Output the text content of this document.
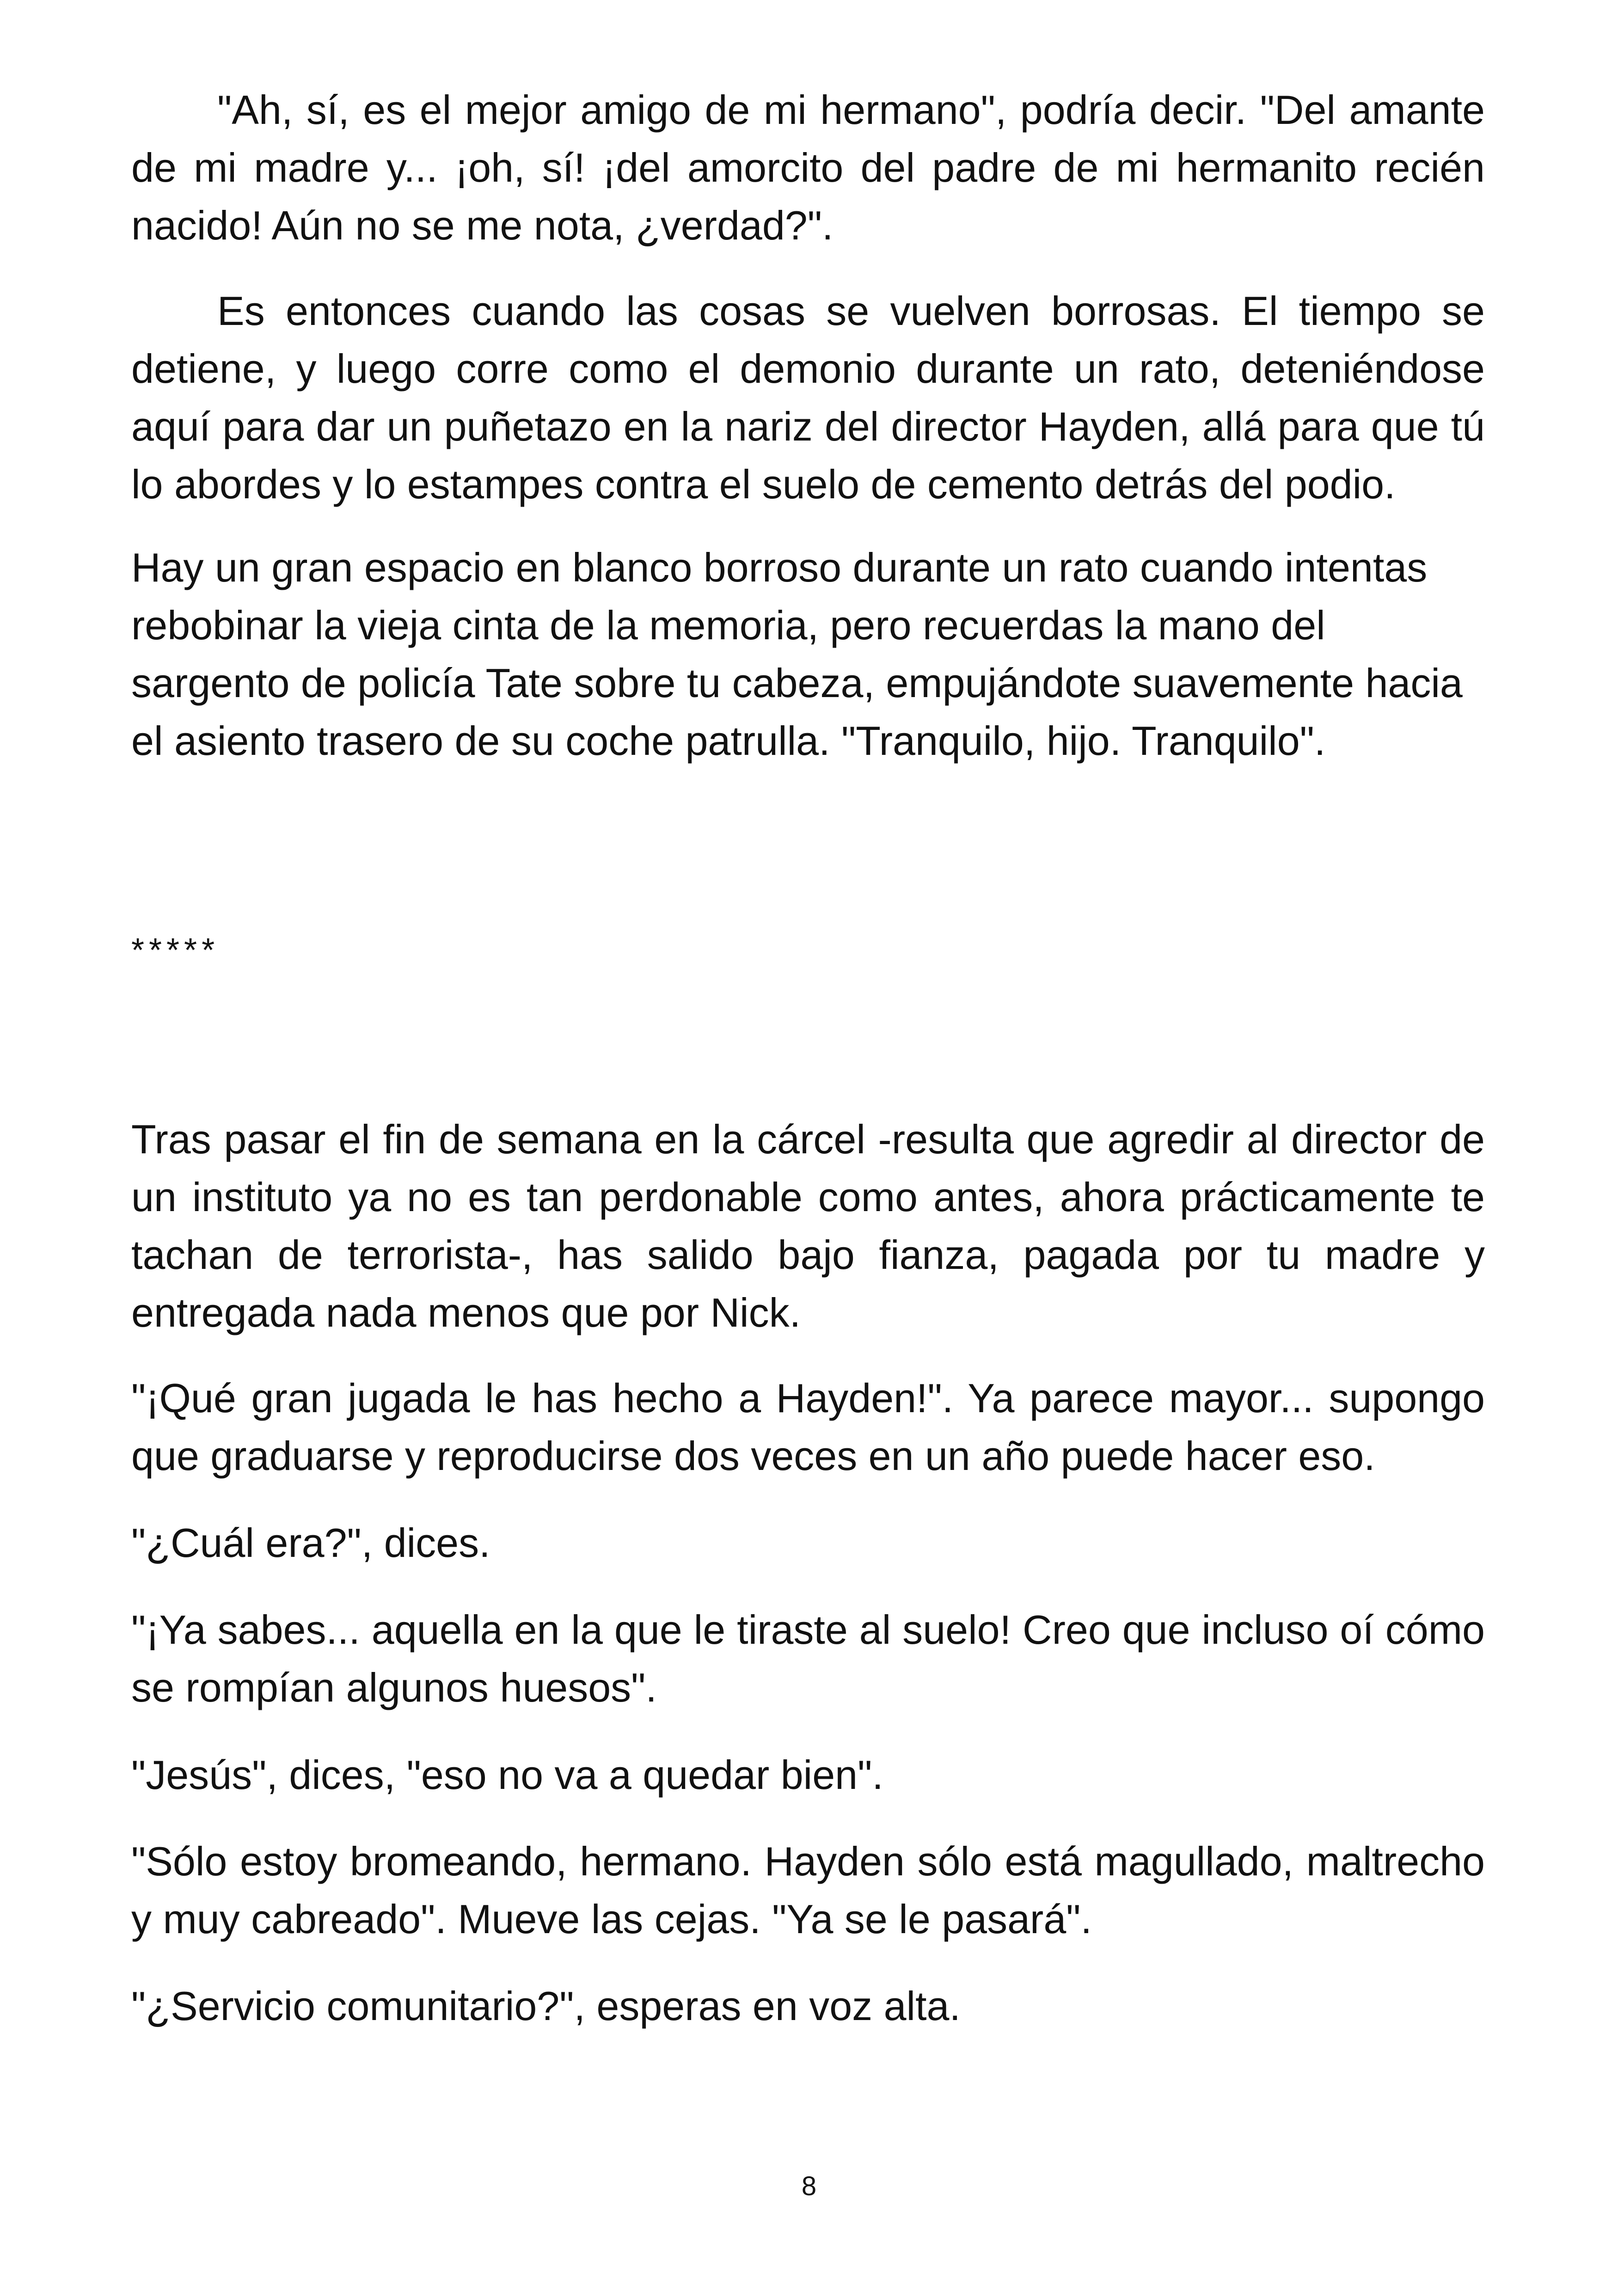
"Ah, sí, es el mejor amigo de mi hermano", podría decir. "Del amante de mi madre y... ¡oh, sí! ¡del amorcito del padre de mi hermanito recién nacido! Aún no se me nota, ¿verdad?".

Es entonces cuando las cosas se vuelven borrosas. El tiempo se detiene, y luego corre como el demonio durante un rato, deteniéndose aquí para dar un puñetazo en la nariz del director Hayden, allá para que tú lo abordes y lo estampes contra el suelo de cemento detrás del podio.

Hay un gran espacio en blanco borroso durante un rato cuando intentas rebobinar la vieja cinta de la memoria, pero recuerdas la mano del sargento de policía Tate sobre tu cabeza, empujándote suavemente hacia el asiento trasero de su coche patrulla. "Tranquilo, hijo. Tranquilo".

*****

Tras pasar el fin de semana en la cárcel -resulta que agredir al director de un instituto ya no es tan perdonable como antes, ahora prácticamente te tachan de terrorista-, has salido bajo fianza, pagada por tu madre y entregada nada menos que por Nick.

"¡Qué gran jugada le has hecho a Hayden!". Ya parece mayor... supongo que graduarse y reproducirse dos veces en un año puede hacer eso.

"¿Cuál era?", dices.

"¡Ya sabes... aquella en la que le tiraste al suelo! Creo que incluso oí cómo se rompían algunos huesos".

"Jesús", dices, "eso no va a quedar bien".

"Sólo estoy bromeando, hermano. Hayden sólo está magullado, maltrecho y muy cabreado". Mueve las cejas. "Ya se le pasará".

"¿Servicio comunitario?", esperas en voz alta.

8
